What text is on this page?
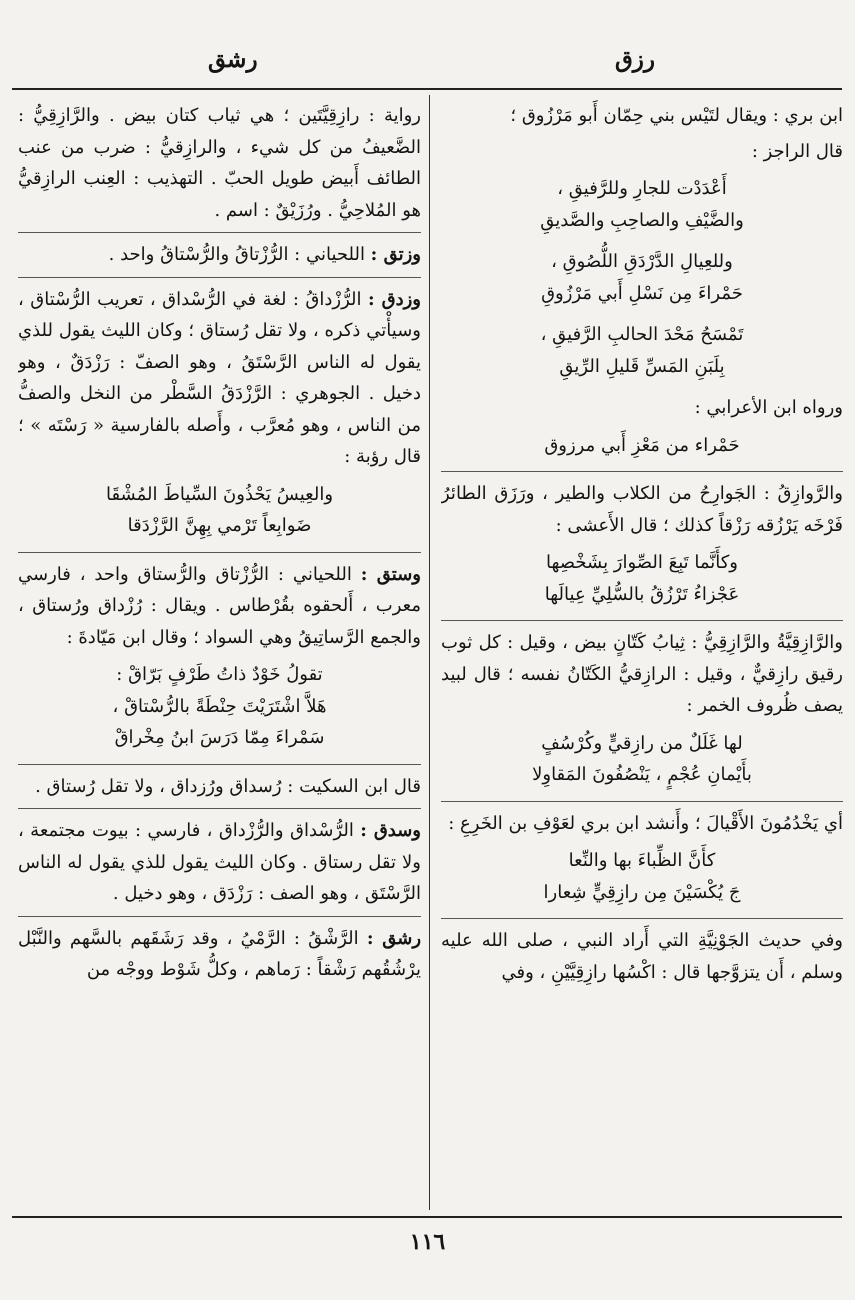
رزق
رشق

ابن بري : ويقال لتَيْس بني حِمّان أَبو مَرْزُوق ؛

قال الراجز :

أَعْدَدْت للجارِ وللرَّفيقِ ،
والضَّيْفِ والصاحِبِ والصَّديقِ
وللعِيالِ الدَّرْدَقِ اللُّصُوقِ ،
حَمْراءَ مِن نَسْلِ أَبي مَرْزُوقِ
تَمْسَحُ مَحْدَ الحالبِ الرَّفيقِ ،
بِلَبَنِ المَسِّ قَليلِ الرِّيقِ

ورواه ابن الأعرابي :

حَمْراء من مَعْزِ أَبي مرزوق

والرَّوازِقُ : الجَوارِحُ من الكلاب والطير ، ورَزَق الطائرُ فَرْخَه يَرْزُقه رَزْقاً كذلك ؛ قال الأَعشى :

وكأَنَّما تَبِعَ الصِّوارَ بِشَخْصِها
عَجْزاءُ تَرْزُقُ بالسُّلِيِّ عِيالَها

والرَّازِقِيَّةُ والرَّازِقِيُّ : ثِيابُ كَتّانٍ بيض ، وقيل : كل ثوب رقيق رازِقيٌّ ، وقيل : الرازِقيُّ الكَتّانُ نفسه ؛ قال لبيد يصف ظُروف الخمر :

لها غَلَلٌ من رازِقيٍّ وكُرْسُفٍ
بأَيْمانِ عُجْمٍ ، يَنْصُفُونَ المَقاوِلا

أي يَخْدُمُونَ الأَقْيالَ ؛ وأَنشد ابن بري لعَوْفِ بن الخَرِعِ :

كأَنَّ الظِّباءَ بها والنِّعا
جَ يُكْسَيْنَ مِن رازِقِيٍّ شِعارا

وفي حديث الجَوْنِيَّةِ التي أَراد النبي ، صلى الله عليه وسلم ، أَن يتزوَّجها قال : اكْسُها رازِقِيَّيْنِ ، وفي

رواية : رازِقِيَّتَين ؛ هي ثياب كتان بيض . والرَّازِقِيُّ : الضَّعيفُ من كل شيء ، والرازِقيُّ : ضرب من عنب الطائف أَبيض طويل الحبّ . التهذيب : العِنب الرازِقيُّ هو المُلاحِيُّ . ورُزَيْقٌ : اسم .

وزتق : اللحياني : الرُّزْتاقُ والرُّسْتاقُ واحد .

وزدق : الرُّزْداقُ : لغة في الرُّسْداق ، تعريب الرُّسْتاق ، وسيأْتي ذكره ، ولا تقل رُستاق ؛ وكان الليث يقول للذي يقول له الناس الرَّسْتَقُ ، وهو الصفّ : رَزْدَقٌ ، وهو دخيل . الجوهري : الرَّزْدَقُ السَّطْر من النخل والصفُّ من الناس ، وهو مُعرَّب ، وأَصله بالفارسية « رَسْتَه » ؛ قال رؤبة :

والعِيسُ يَحْذُونَ السِّياطَ المُشْقَا
ضَوابِعاً تَرْمي بِهِنَّ الرَّزْدَقا

وستق : اللحياني : الرُّزْتاق والرُّستاق واحد ، فارسي معرب ، أَلحقوه بقُرْطاس . ويقال : رُزْداق ورُستاق ، والجمع الرَّساتِيقُ وهي السواد ؛ وقال ابن مَيّادةَ :

تقولُ خَوْدٌ ذاتُ طَرْفٍ بَرّاقْ :
هَلاَّ اشْتَرَيْتَ حِنْطَةً بالرُّسْتاقْ ،
سَمْراءَ مِمّا دَرَسَ ابنُ مِخْراقْ

قال ابن السكيت : رُسداق ورُزداق ، ولا تقل رُستاق .

وسدق : الرُّسْداق والرُّزْداق ، فارسي : بيوت مجتمعة ، ولا تقل رستاق . وكان الليث يقول للذي يقول له الناس الرَّسْتَق ، وهو الصف : رَزْدَق ، وهو دخيل .

رشق : الرَّشْقُ : الرَّمْيُ ، وقد رَشَقَهم بالسَّهم والنَّبْل يرْشُقُهم رَشْقاً : رَماهم ، وكلُّ شَوْط ووجْه من

١١٦
